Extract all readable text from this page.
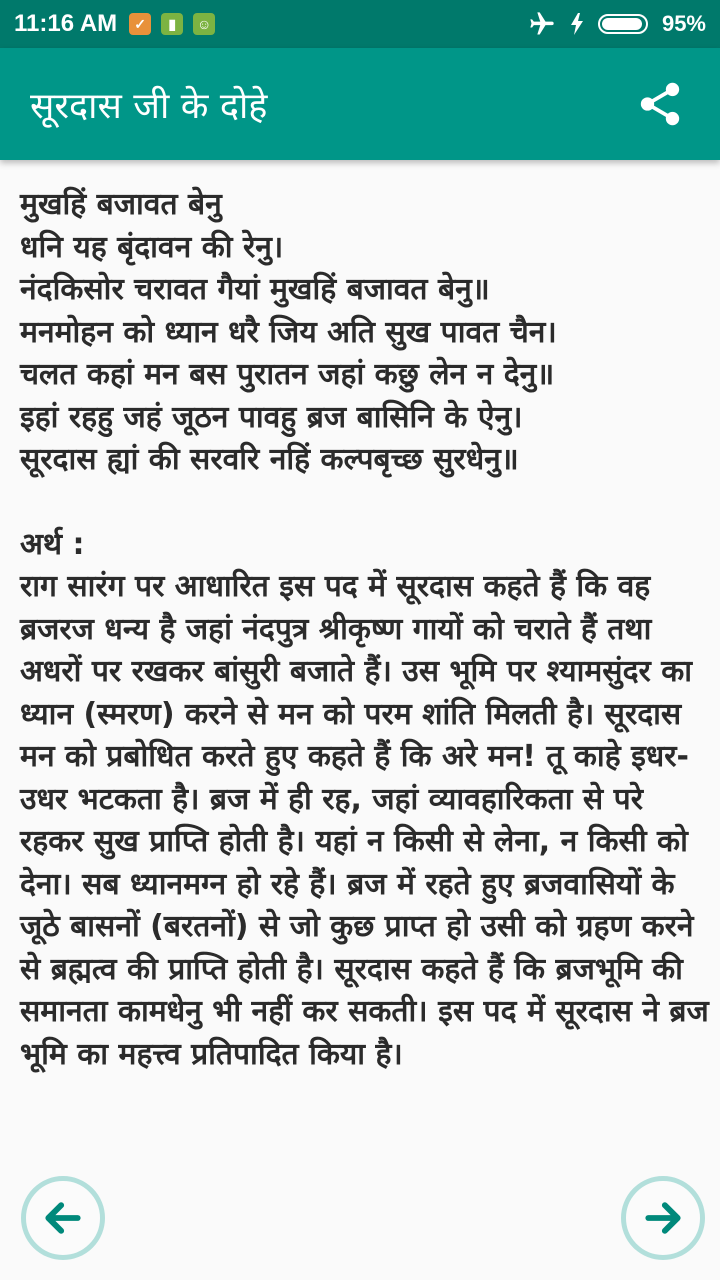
11:16 AM	✓	▮	☺	95%
सूरदास जी के दोहे
मुखहिं बजावत बेनु
धनि यह बृंदावन की रेनु।
नंदकिसोर चरावत गैयां मुखहिं बजावत बेनु॥
मनमोहन को ध्यान धरै जिय अति सुख पावत चैन।
चलत कहां मन बस पुरातन जहां कछु लेन न देनु॥
इहां रहहु जहं जूठन पावहु ब्रज बासिनि के ऐनु।
सूरदास ह्यां की सरवरि नहिं कल्पबृच्छ सुरधेनु॥
अर्थ :
राग सारंग पर आधारित इस पद में सूरदास कहते हैं कि वह ब्रजरज धन्य है जहां नंदपुत्र श्रीकृष्ण गायों को चराते हैं तथा अधरों पर रखकर बांसुरी बजाते हैं। उस भूमि पर श्यामसुंदर का ध्यान (स्मरण) करने से मन को परम शांति मिलती है। सूरदास मन को प्रबोधित करते हुए कहते हैं कि अरे मन! तू काहे इधर-उधर भटकता है। ब्रज में ही रह, जहां व्यावहारिकता से परे रहकर सुख प्राप्ति होती है। यहां न किसी से लेना, न किसी को देना। सब ध्यानमग्न हो रहे हैं। ब्रज में रहते हुए ब्रजवासियों के जूठे बासनों (बरतनों) से जो कुछ प्राप्त हो उसी को ग्रहण करने से ब्रह्मत्व की प्राप्ति होती है। सूरदास कहते हैं कि ब्रजभूमि की समानता कामधेनु भी नहीं कर सकती। इस पद में सूरदास ने ब्रज भूमि का महत्त्व प्रतिपादित किया है।
